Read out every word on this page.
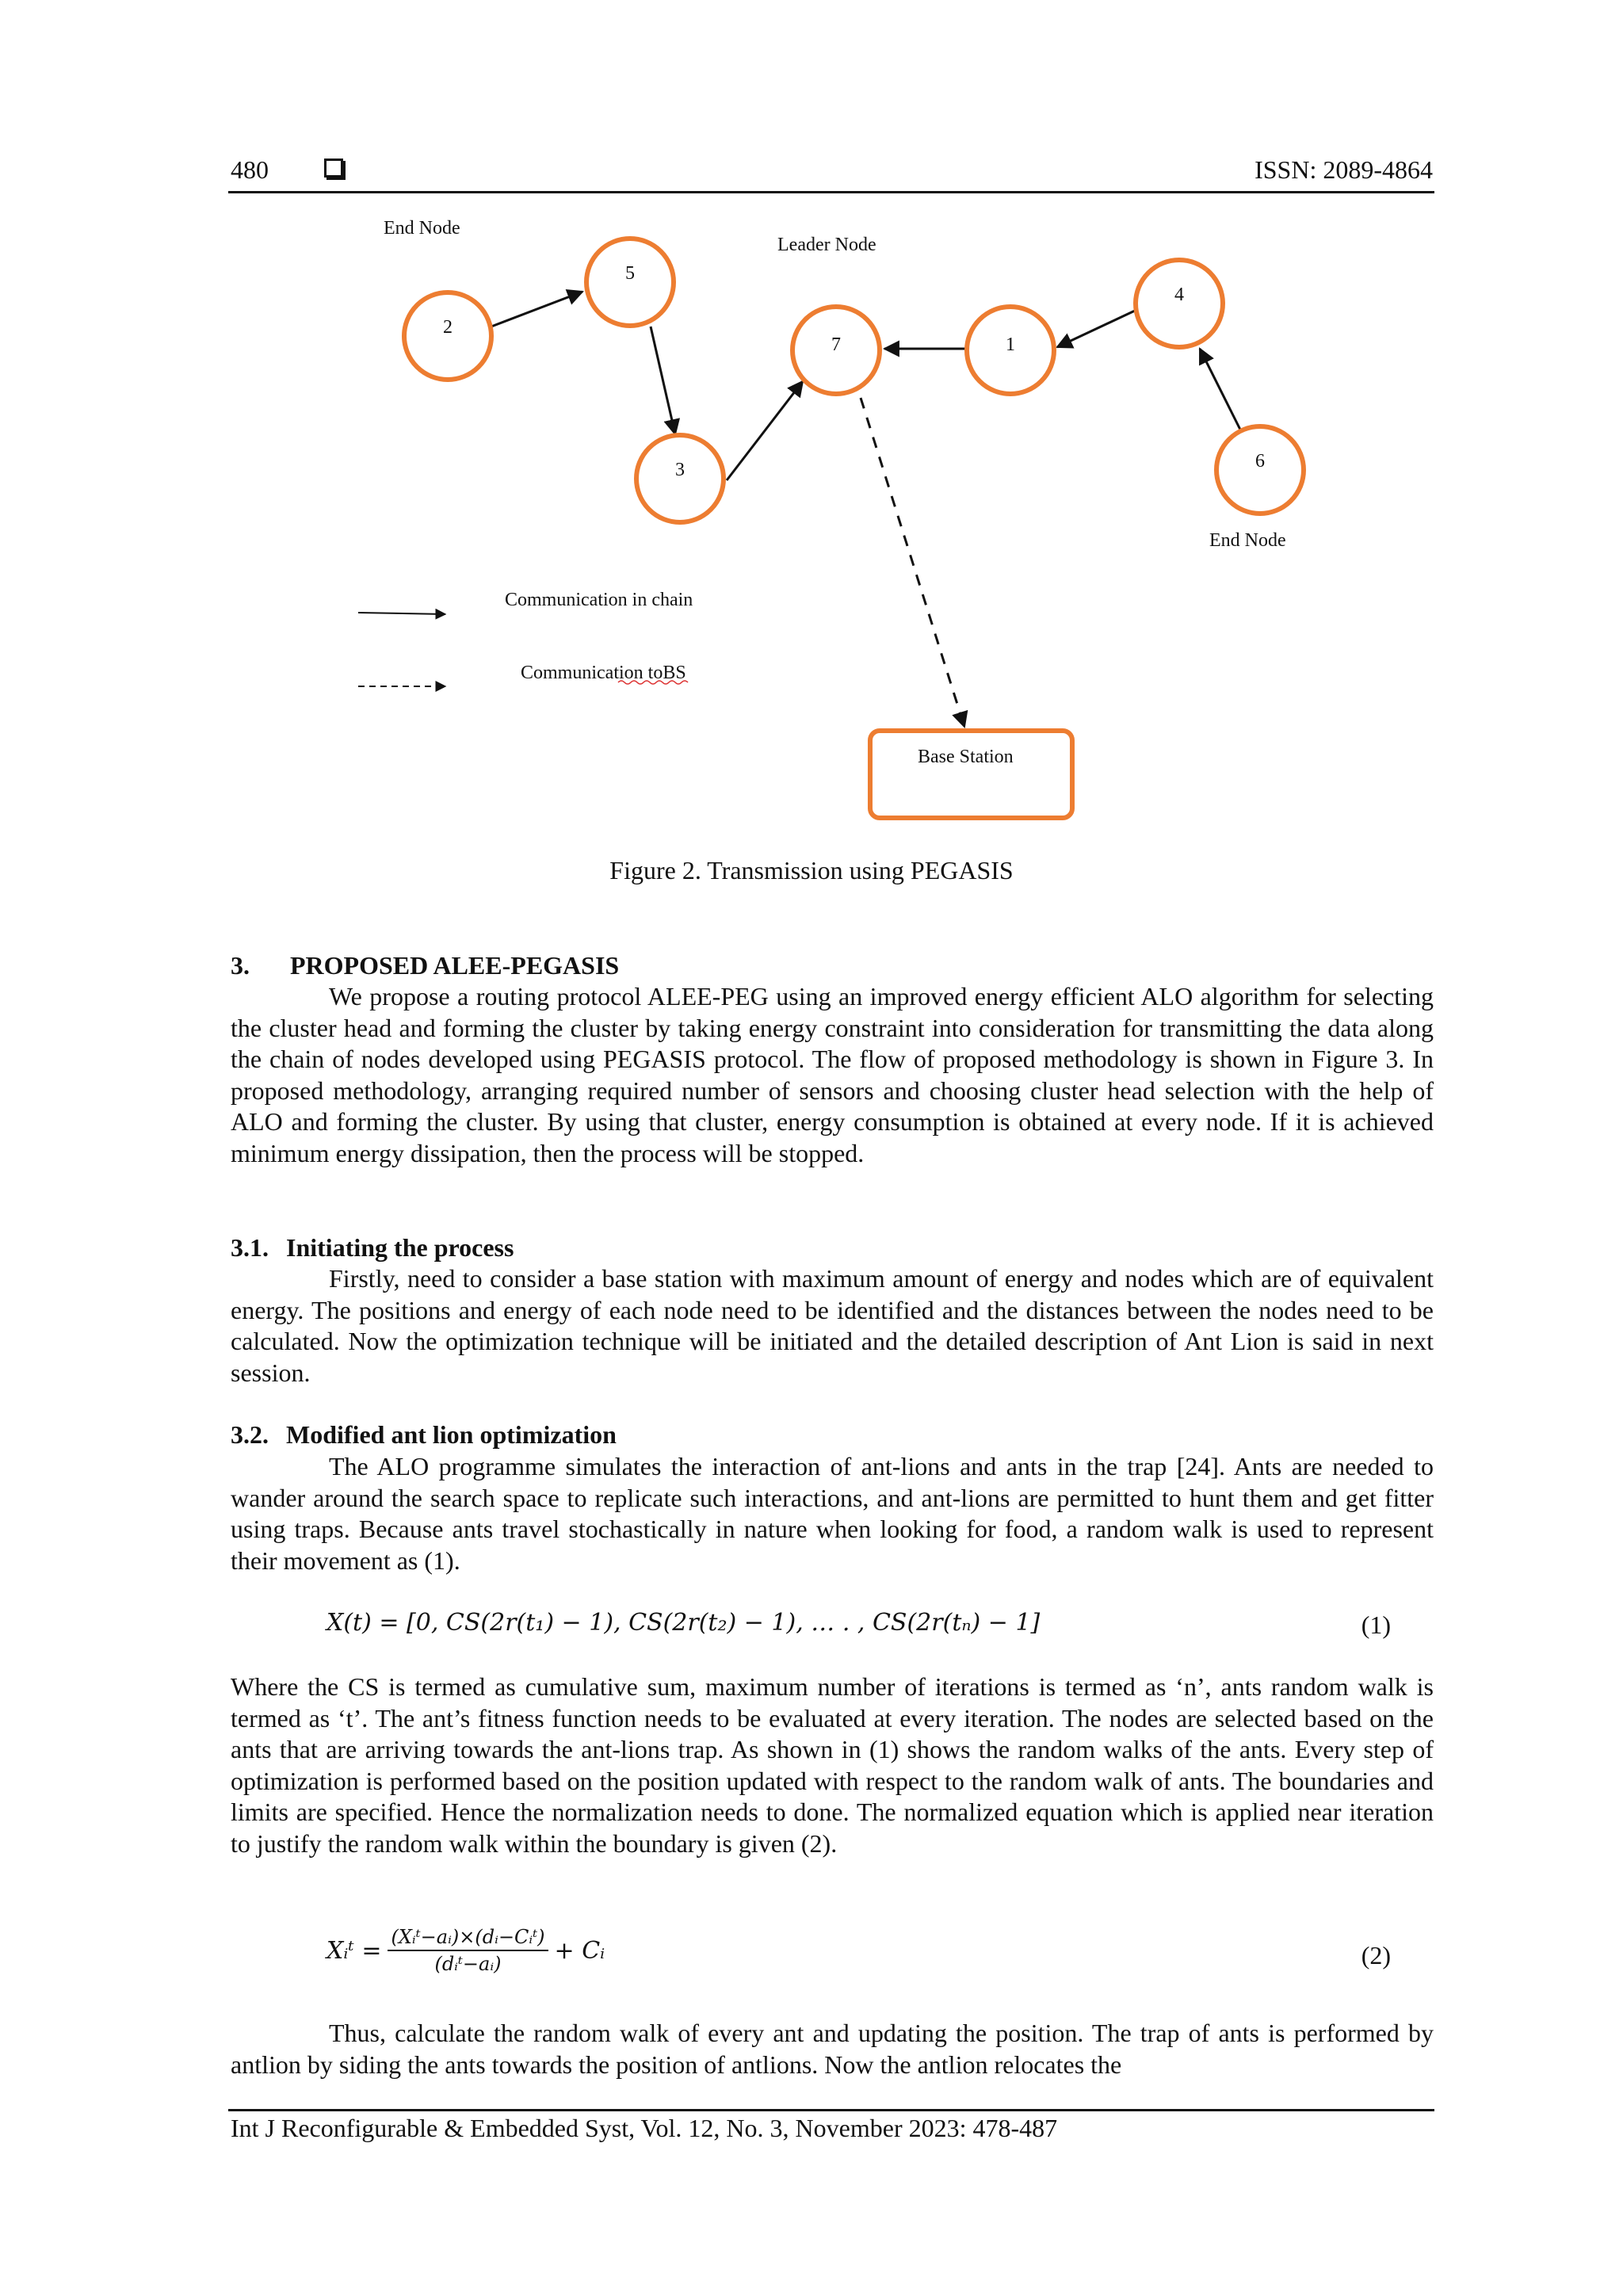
480	ISSN: 2089-4864
End Node
Leader Node
End Node
2
5
3
7	1
4
6
Communication in chain
Communication toBS
Base Station
Figure 2. Transmission using PEGASIS
3. PROPOSED ALEE-PEGASIS

We propose a routing protocol ALEE-PEG using an improved energy efficient ALO algorithm for selecting the cluster head and forming the cluster by taking energy constraint into consideration for transmitting the data along the chain of nodes developed using PEGASIS protocol. The flow of proposed methodology is shown in Figure 3. In proposed methodology, arranging required number of sensors and choosing cluster head selection with the help of ALO and forming the cluster. By using that cluster, energy consumption is obtained at every node. If it is achieved minimum energy dissipation, then the process will be stopped.

3.1. Initiating the process

Firstly, need to consider a base station with maximum amount of energy and nodes which are of equivalent energy. The positions and energy of each node need to be identified and the distances between the nodes need to be calculated. Now the optimization technique will be initiated and the detailed description of Ant Lion is said in next session.

3.2. Modified ant lion optimization

The ALO programme simulates the interaction of ant-lions and ants in the trap [24]. Ants are needed to wander around the search space to replicate such interactions, and ant-lions are permitted to hunt them and get fitter using traps. Because ants travel stochastically in nature when looking for food, a random walk is used to represent their movement as (1).

X(t) = [0, CS(2r(t₁) − 1), CS(2r(t₂) − 1), … . , CS(2r(tₙ) − 1]	(1)

Where the CS is termed as cumulative sum, maximum number of iterations is termed as ‘n’, ants random walk is termed as ‘t’. The ant’s fitness function needs to be evaluated at every iteration. The nodes are selected based on the ants that are arriving towards the ant-lions trap. As shown in (1) shows the random walks of the ants. Every step of optimization is performed based on the position updated with respect to the random walk of ants. The boundaries and limits are specified. Hence the normalization needs to done. The normalized equation which is applied near iteration to justify the random walk within the boundary is given (2).

Xᵢᵗ = $\frac{\text{(Xᵢᵗ−aᵢ)×(dᵢ−Cᵢᵗ)}}{\text{(dᵢᵗ−aᵢ)}}$ + Cᵢ	(2)

Thus, calculate the random walk of every ant and updating the position. The trap of ants is performed by antlion by siding the ants towards the position of antlions. Now the antlion relocates the

Int J Reconfigurable & Embedded Syst, Vol. 12, No. 3, November 2023: 478-487
